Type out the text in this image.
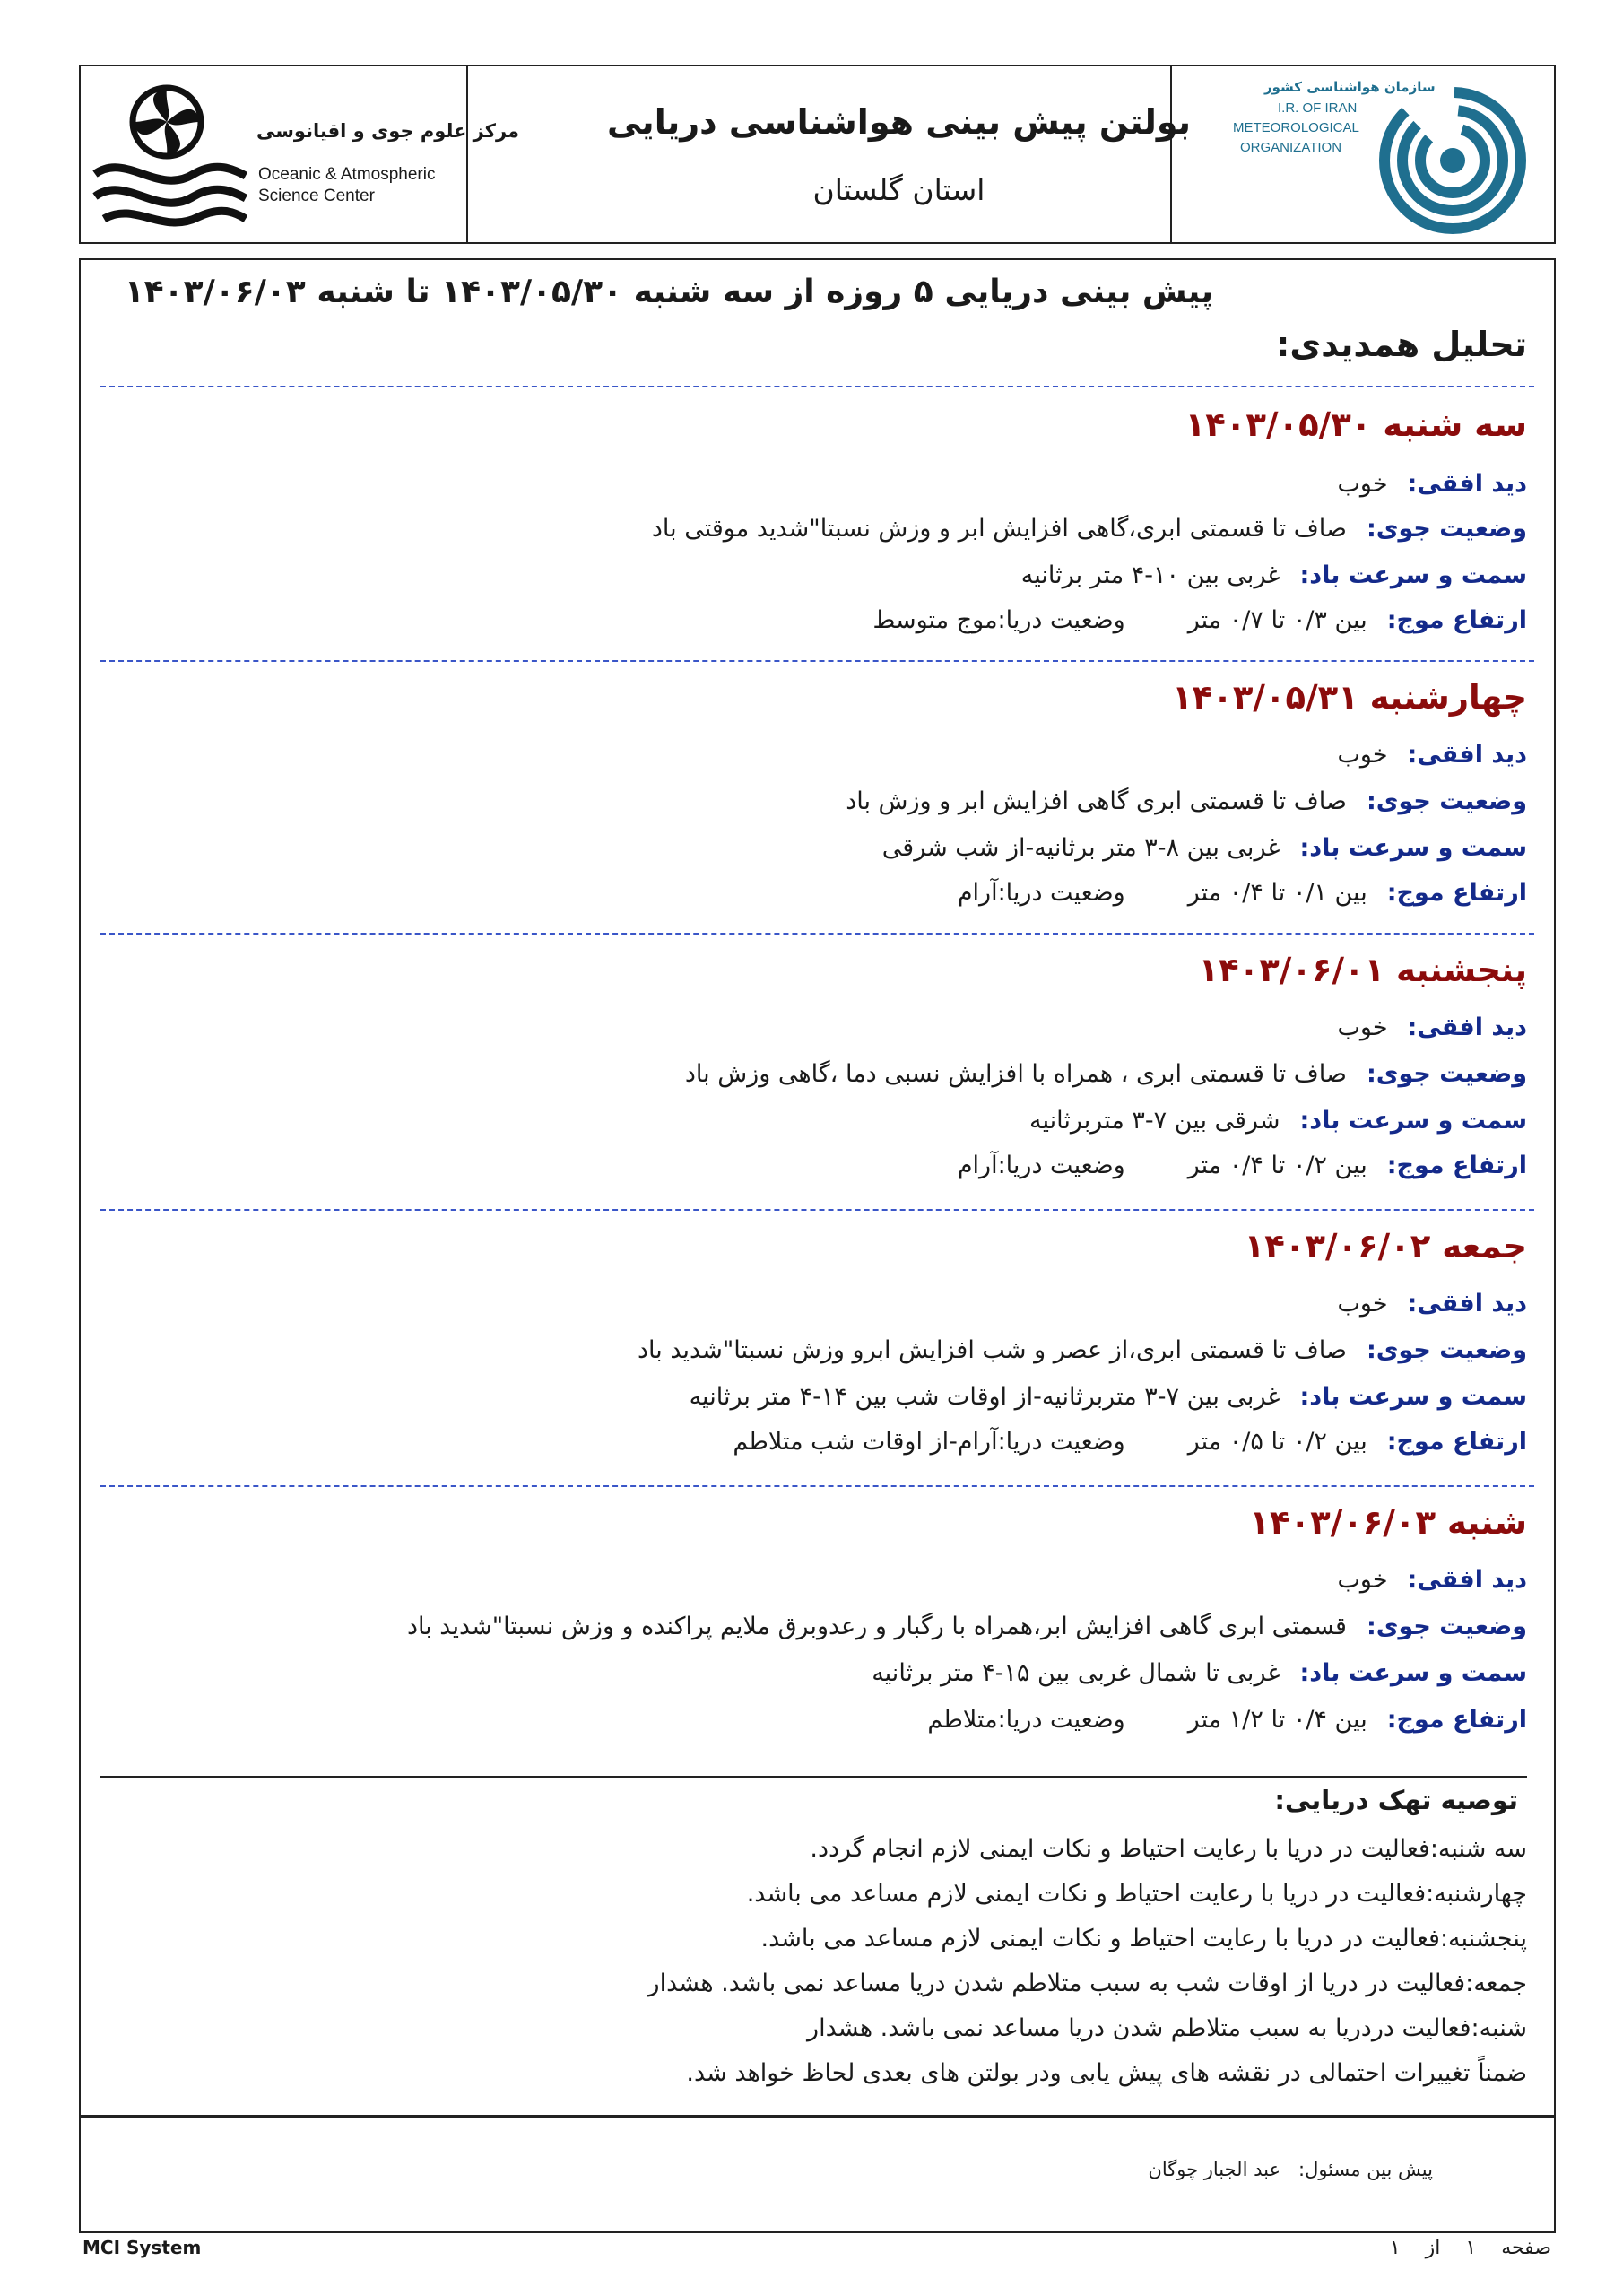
مرکز علوم جوی و اقیانوسی
Oceanic & Atmospheric
Science Center
بولتن پیش بینی هواشناسی دریایی
استان گلستان
سازمان هواشناسی کشور
I.R. OF IRAN
METEOROLOGICAL
ORGANIZATION
پیش بینی دریایی ۵ روزه از سه شنبه ۱۴۰۳/۰۵/۳۰ تا شنبه ۱۴۰۳/۰۶/۰۳
تحلیل همدیدی:
سه شنبه ۱۴۰۳/۰۵/۳۰
دید افقی:
خوب
وضعیت جوی:
صاف تا قسمتی ابری،گاهی افزایش ابر و وزش نسبتا"شدید موقتی باد
سمت و سرعت باد:
غربی بین ۱۰-۴ متر برثانیه
ارتفاع موج:
بین ۰/۳ تا ۰/۷ متر
وضعیت دریا:موج متوسط
چهارشنبه ۱۴۰۳/۰۵/۳۱
دید افقی:
خوب
وضعیت جوی:
صاف تا قسمتی ابری گاهی افزایش ابر و وزش باد
سمت و سرعت باد:
غربی بین ۸-۳ متر برثانیه-از شب شرقی
ارتفاع موج:
بین ۰/۱ تا ۰/۴ متر
وضعیت دریا:آرام
پنجشنبه ۱۴۰۳/۰۶/۰۱
دید افقی:
خوب
وضعیت جوی:
صاف تا قسمتی ابری ، همراه با افزایش نسبی دما ،گاهی وزش باد
سمت و سرعت باد:
شرقی بین ۷-۳ متربرثانیه
ارتفاع موج:
بین ۰/۲ تا ۰/۴ متر
وضعیت دریا:آرام
جمعه ۱۴۰۳/۰۶/۰۲
دید افقی:
خوب
وضعیت جوی:
صاف تا قسمتی ابری،از عصر و شب افزایش ابرو وزش نسبتا"شدید باد
سمت و سرعت باد:
غربی بین ۷-۳ متربرثانیه-از اوقات شب بین ۱۴-۴ متر برثانیه
ارتفاع موج:
بین ۰/۲ تا ۰/۵ متر
وضعیت دریا:آرام-از اوقات شب متلاطم
شنبه ۱۴۰۳/۰۶/۰۳
دید افقی:
خوب
وضعیت جوی:
قسمتی ابری گاهی افزایش ابر،همراه با رگبار و رعدوبرق ملایم پراکنده و وزش نسبتا"شدید باد
سمت و سرعت باد:
غربی تا شمال غربی بین ۱۵-۴ متر برثانیه
ارتفاع موج:
بین ۰/۴ تا ۱/۲ متر
وضعیت دریا:متلاطم
توصیه تهک دریایی:
سه شنبه:فعالیت در دریا با رعایت احتیاط و نکات ایمنی لازم انجام گردد.
چهارشنبه:فعالیت در دریا با رعایت احتیاط و نکات ایمنی لازم مساعد می باشد.
پنجشنبه:فعالیت در دریا با رعایت احتیاط و نکات ایمنی لازم مساعد می باشد.
جمعه:فعالیت در دریا از اوقات شب به سبب متلاطم شدن دریا مساعد نمی باشد. هشدار
شنبه:فعالیت دردریا به سبب متلاطم شدن دریا مساعد نمی باشد. هشدار
ضمناً تغییرات احتمالی در نقشه های پیش یابی ودر بولتن های بعدی لحاظ خواهد شد.
پیش بین مسئول:   عبد الجبار چوگان
MCI System	صفحه    ۱    از    ۱
